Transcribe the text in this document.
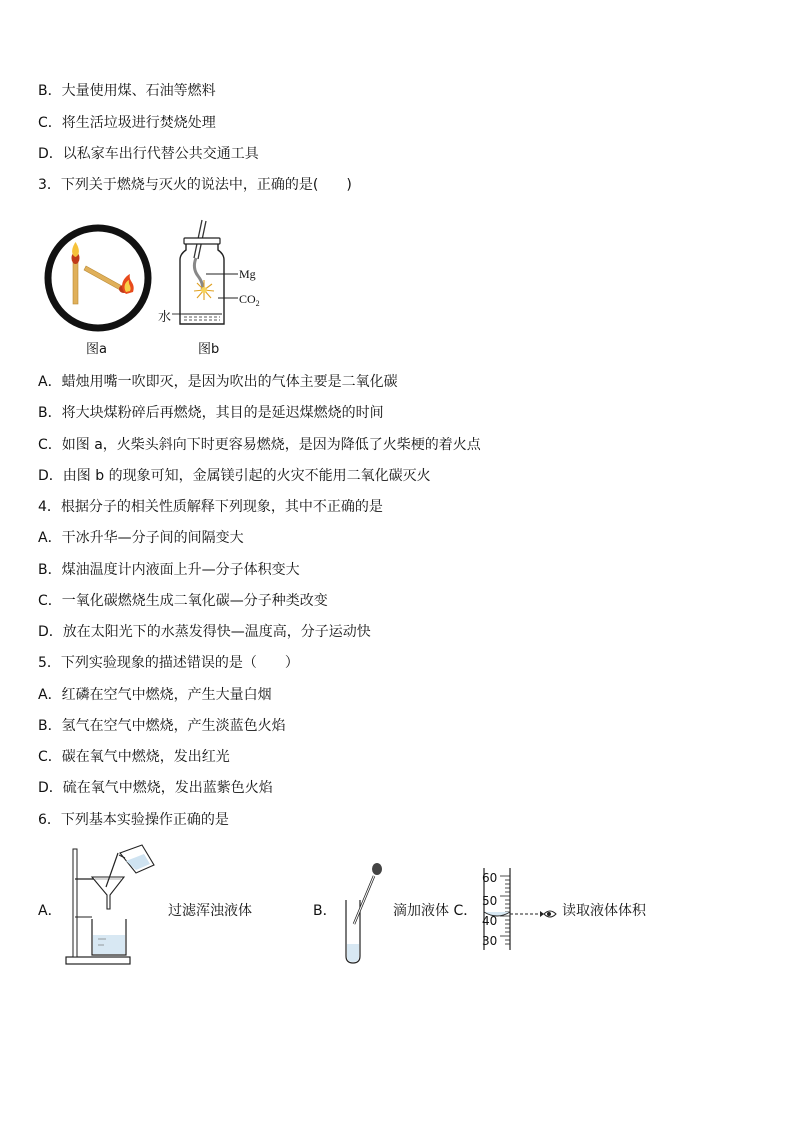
B．大量使用煤、石油等燃料
C．将生活垃圾进行焚烧处理
D．以私家车出行代替公共交通工具
3．下列关于燃烧与灭火的说法中，正确的是(　　)
图a
Mg
$CO_2$
水
图b
A．蜡烛用嘴一吹即灭，是因为吹出的气体主要是二氧化碳
B．将大块煤粉碎后再燃烧，其目的是延迟煤燃烧的时间
C．如图 a，火柴头斜向下时更容易燃烧，是因为降低了火柴梗的着火点
D．由图 b 的现象可知，金属镁引起的火灾不能用二氧化碳灭火
4．根据分子的相关性质解释下列现象，其中不正确的是
A．干冰升华—分子间的间隔变大
B．煤油温度计内液面上升—分子体积变大
C．一氧化碳燃烧生成二氧化碳—分子种类改变
D．放在太阳光下的水蒸发得快—温度高，分子运动快
5．下列实验现象的描述错误的是（　　）
A．红磷在空气中燃烧，产生大量白烟
B．氢气在空气中燃烧，产生淡蓝色火焰
C．碳在氧气中燃烧，发出红光
D．硫在氧气中燃烧，发出蓝紫色火焰
6．下列基本实验操作正确的是
A．	过滤浑浊液体	B．	滴加液体 C．
60
50
40
30
读取液体体积
